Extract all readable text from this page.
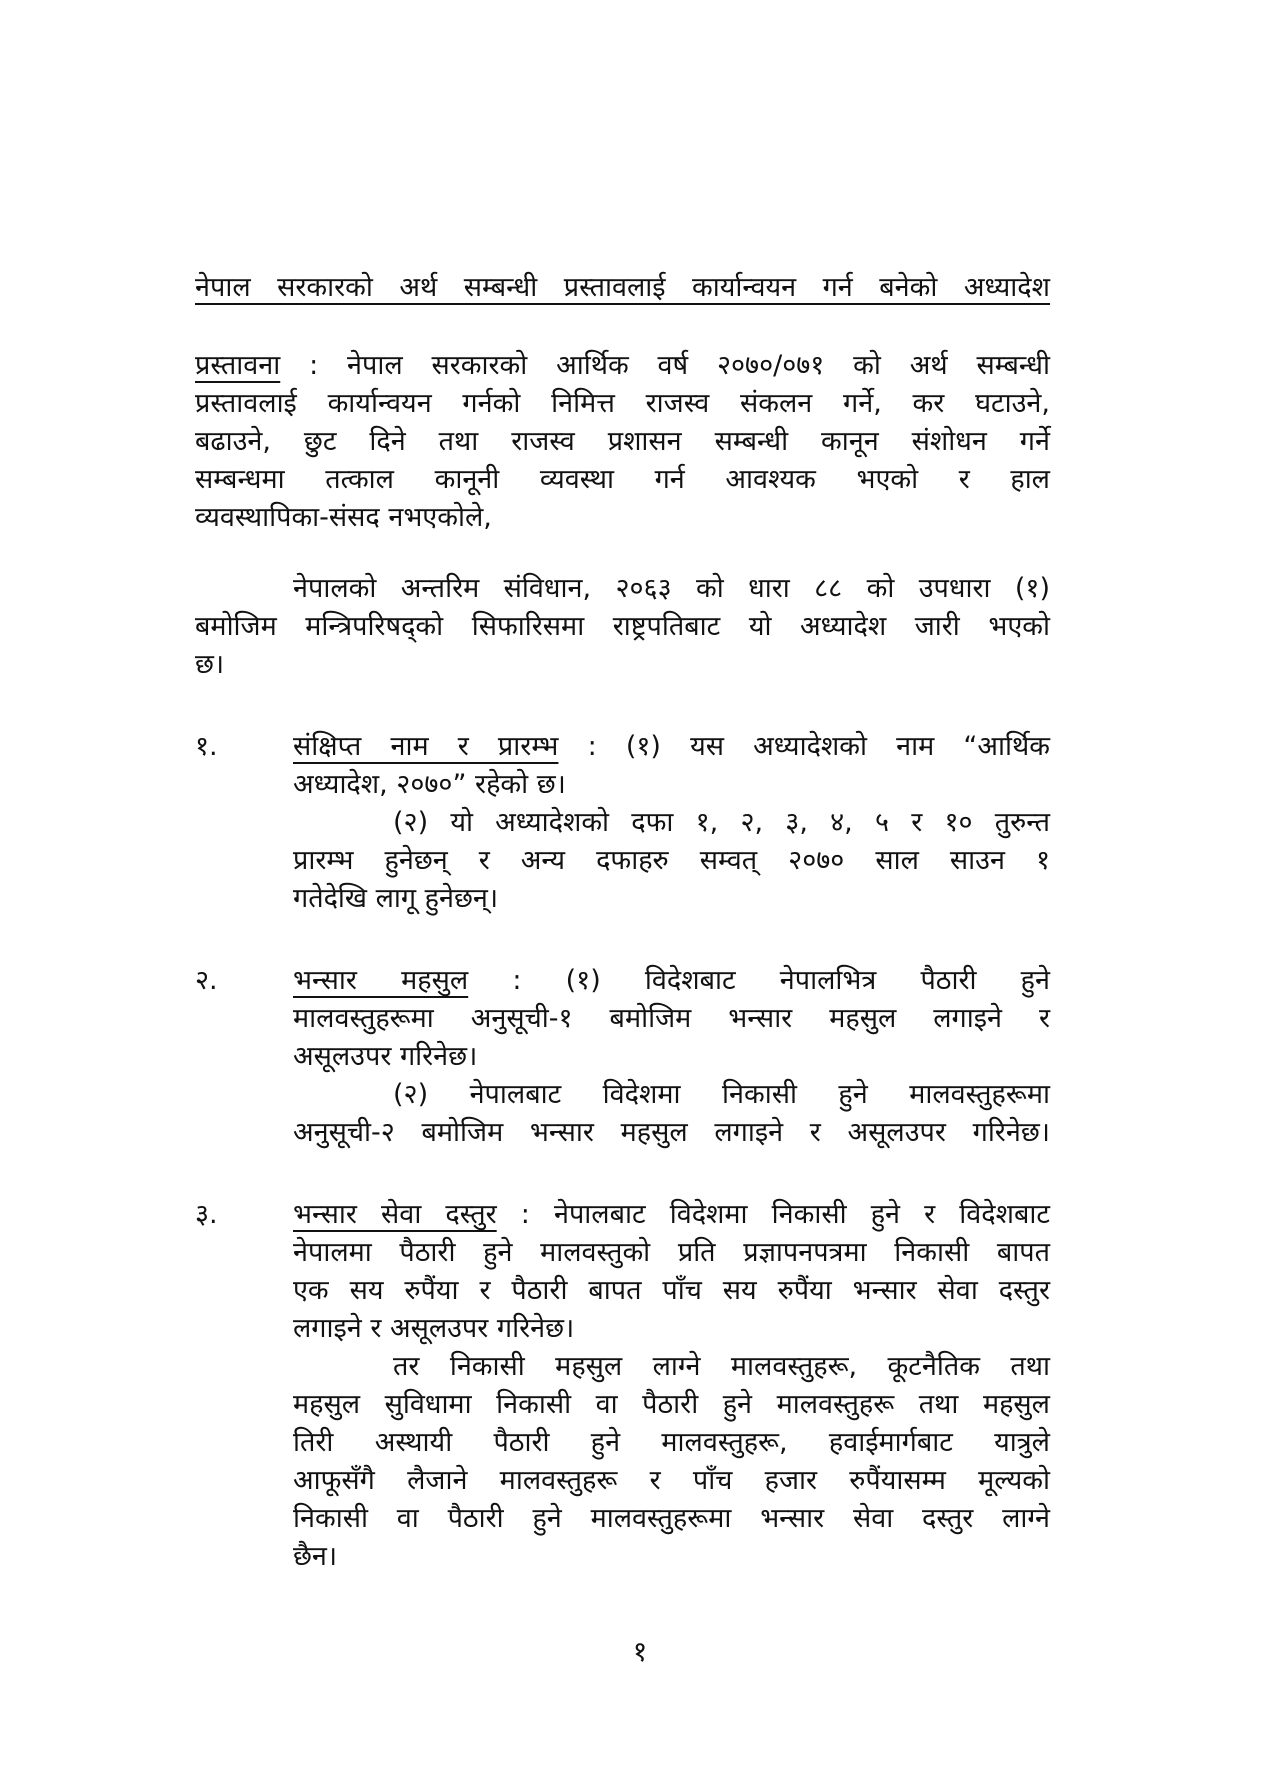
नेपाल सरकारको अर्थ सम्बन्धी प्रस्तावलाई कार्यान्वयन गर्न बनेको अध्यादेश
प्रस्तावना : नेपाल सरकारको आर्थिक वर्ष २०७०/०७१ को अर्थ सम्बन्धी
प्रस्तावलाई कार्यान्वयन गर्नको निमित्त राजस्व संकलन गर्ने, कर घटाउने,
बढाउने, छुट दिने तथा राजस्व प्रशासन सम्बन्धी कानून संशोधन गर्ने
सम्बन्धमा तत्काल कानूनी व्यवस्था गर्न आवश्यक भएको र हाल
व्यवस्थापिका-संसद नभएकोले,
नेपालको अन्तरिम संविधान, २०६३ को धारा ८८ को उपधारा (१)
बमोजिम मन्त्रिपरिषद्को सिफारिसमा राष्ट्रपतिबाट यो अध्यादेश जारी भएको
छ।
१.	संक्षिप्त नाम र प्रारम्भ : (१) यस अध्यादेशको नाम “आर्थिक
अध्यादेश, २०७०” रहेको छ।
(२) यो अध्यादेशको दफा १, २, ३, ४, ५ र १० तुरुन्त
प्रारम्भ हुनेछन् र अन्य दफाहरु सम्वत् २०७० साल साउन १
गतेदेखि लागू हुनेछन्।
२.	भन्सार महसुल : (१) विदेशबाट नेपालभित्र पैठारी हुने
मालवस्तुहरूमा अनुसूची-१ बमोजिम भन्सार महसुल लगाइने र
असूलउपर गरिनेछ।
(२) नेपालबाट विदेशमा निकासी हुने मालवस्तुहरूमा
अनुसूची-२ बमोजिम भन्सार महसुल लगाइने र असूलउपर गरिनेछ।
३.	भन्सार सेवा दस्तुर : नेपालबाट विदेशमा निकासी हुने र विदेशबाट
नेपालमा पैठारी हुने मालवस्तुको प्रति प्रज्ञापनपत्रमा निकासी बापत
एक सय रुपैंया र पैठारी बापत पाँच सय रुपैंया भन्सार सेवा दस्तुर
लगाइने र असूलउपर गरिनेछ।
तर निकासी महसुल लाग्ने मालवस्तुहरू, कूटनैतिक तथा
महसुल सुविधामा निकासी वा पैठारी हुने मालवस्तुहरू तथा महसुल
तिरी अस्थायी पैठारी हुने मालवस्तुहरू, हवाईमार्गबाट यात्रुले
आफूसँगै लैजाने मालवस्तुहरू र पाँच हजार रुपैंयासम्म मूल्यको
निकासी वा पैठारी हुने मालवस्तुहरूमा भन्सार सेवा दस्तुर लाग्ने
छैन।
१
